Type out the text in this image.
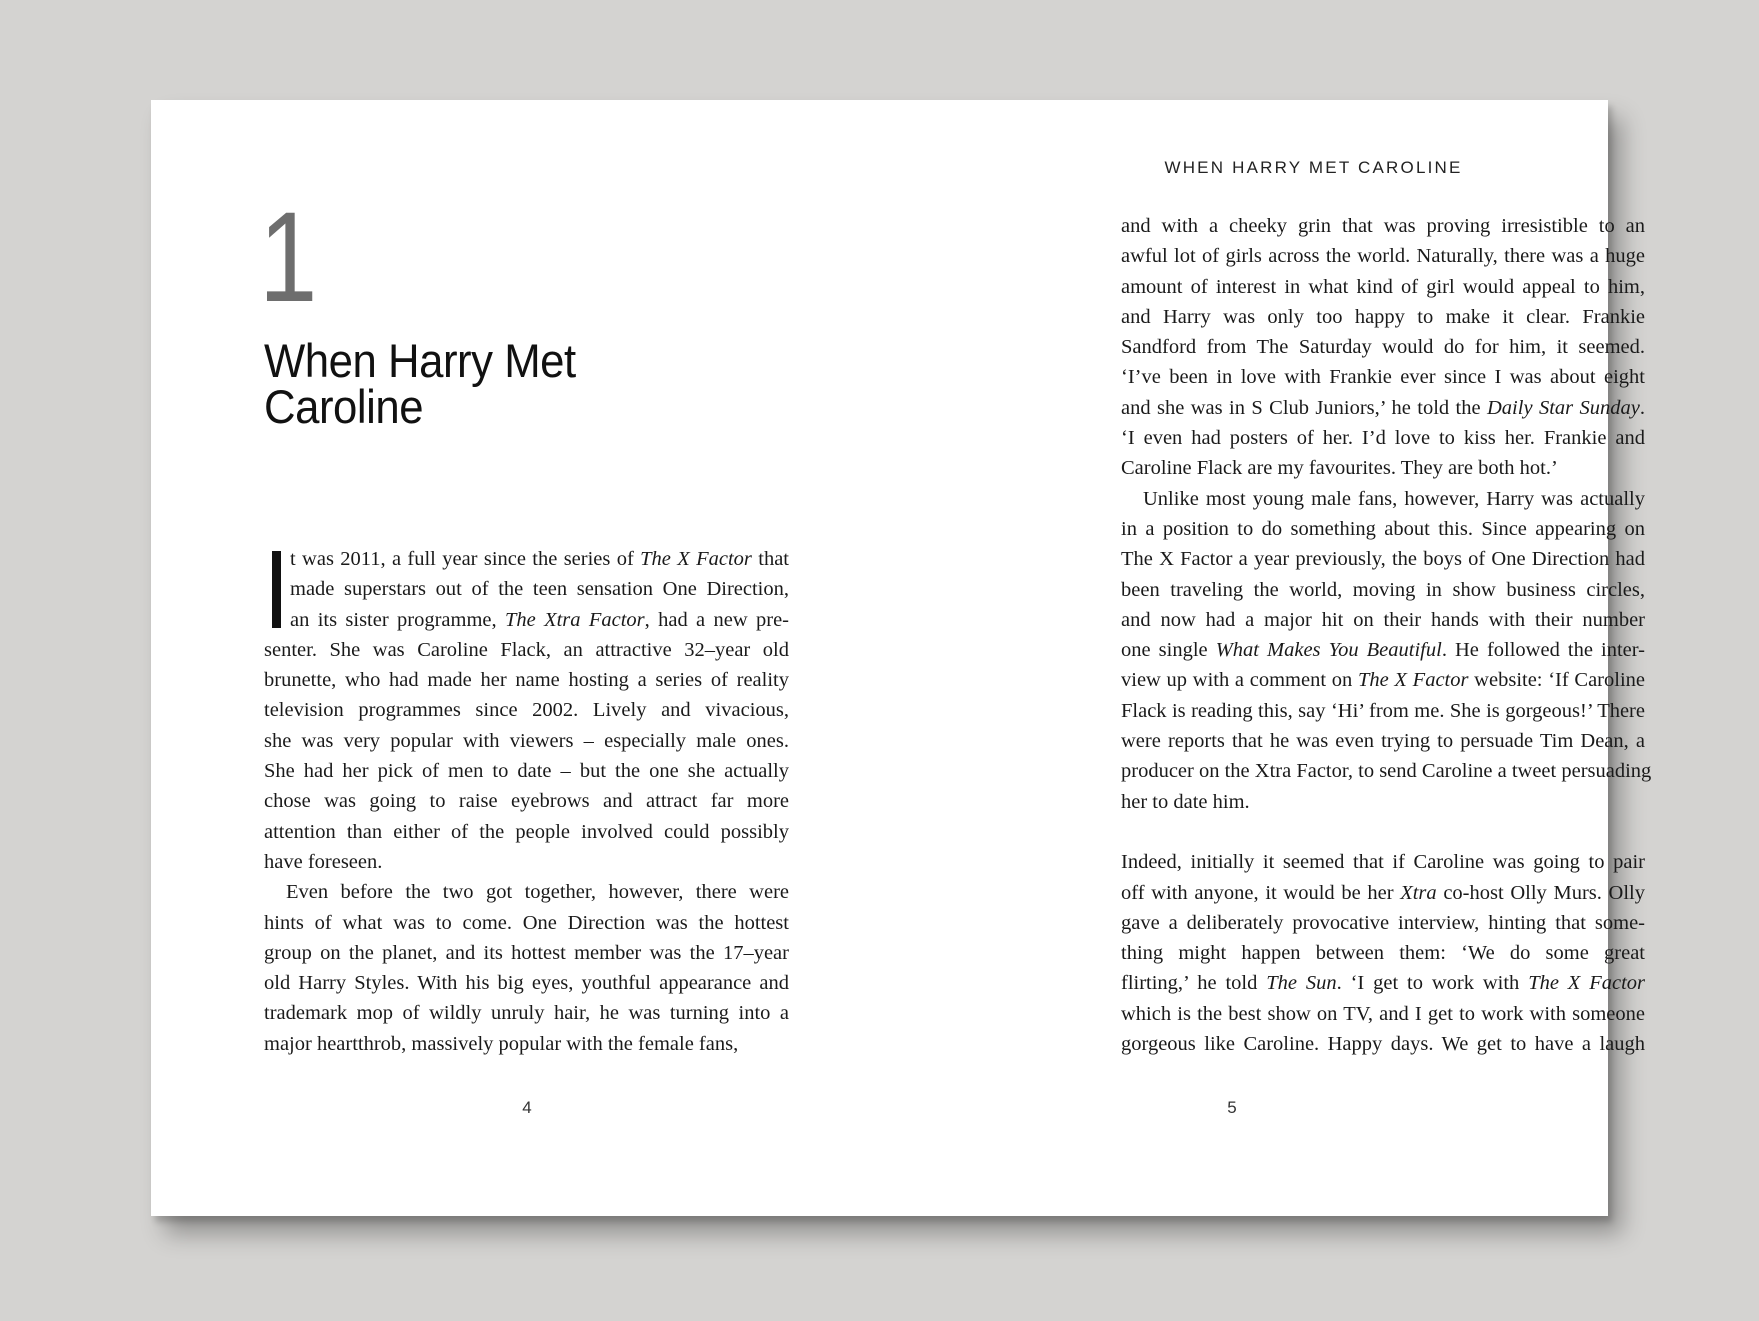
1
When Harry Met
Caroline

t was 2011, a full year since the series of The X Factor that
made superstars out of the teen sensation One Direction,
an its sister programme, The Xtra Factor, had a new pre-
senter. She was Caroline Flack, an attractive 32–year old
brunette, who had made her name hosting a series of reality
television programmes since 2002. Lively and vivacious,
she was very popular with viewers – especially male ones.
She had her pick of men to date – but the one she actually
chose was going to raise eyebrows and attract far more
attention than either of the people involved could possibly
have foreseen.

Even before the two got together, however, there were
hints of what was to come. One Direction was the hottest
group on the planet, and its hottest member was the 17–year
old Harry Styles. With his big eyes, youthful appearance and
trademark mop of wildly unruly hair, he was turning into a
major heartthrob, massively popular with the female fans,

4
WHEN HARRY MET CAROLINE

and with a cheeky grin that was proving irresistible to an
awful lot of girls across the world. Naturally, there was a huge
amount of interest in what kind of girl would appeal to him,
and Harry was only too happy to make it clear. Frankie
Sandford from The Saturday would do for him, it seemed.
‘I’ve been in love with Frankie ever since I was about eight
and she was in S Club Juniors,’ he told the Daily Star Sunday.
‘I even had posters of her. I’d love to kiss her. Frankie and
Caroline Flack are my favourites. They are both hot.’

Unlike most young male fans, however, Harry was actually
in a position to do something about this. Since appearing on
The X Factor a year previously, the boys of One Direction had
been traveling the world, moving in show business circles,
and now had a major hit on their hands with their number
one single What Makes You Beautiful. He followed the inter-
view up with a comment on The X Factor website: ‘If Caroline
Flack is reading this, say ‘Hi’ from me. She is gorgeous!’ There
were reports that he was even trying to persuade Tim Dean, a
producer on the Xtra Factor, to send Caroline a tweet persuading
her to date him.

Indeed, initially it seemed that if Caroline was going to pair
off with anyone, it would be her Xtra co-host Olly Murs. Olly
gave a deliberately provocative interview, hinting that some-
thing might happen between them: ‘We do some great
flirting,’ he told The Sun. ‘I get to work with The X Factor
which is the best show on TV, and I get to work with someone
gorgeous like Caroline. Happy days. We get to have a laugh

5
